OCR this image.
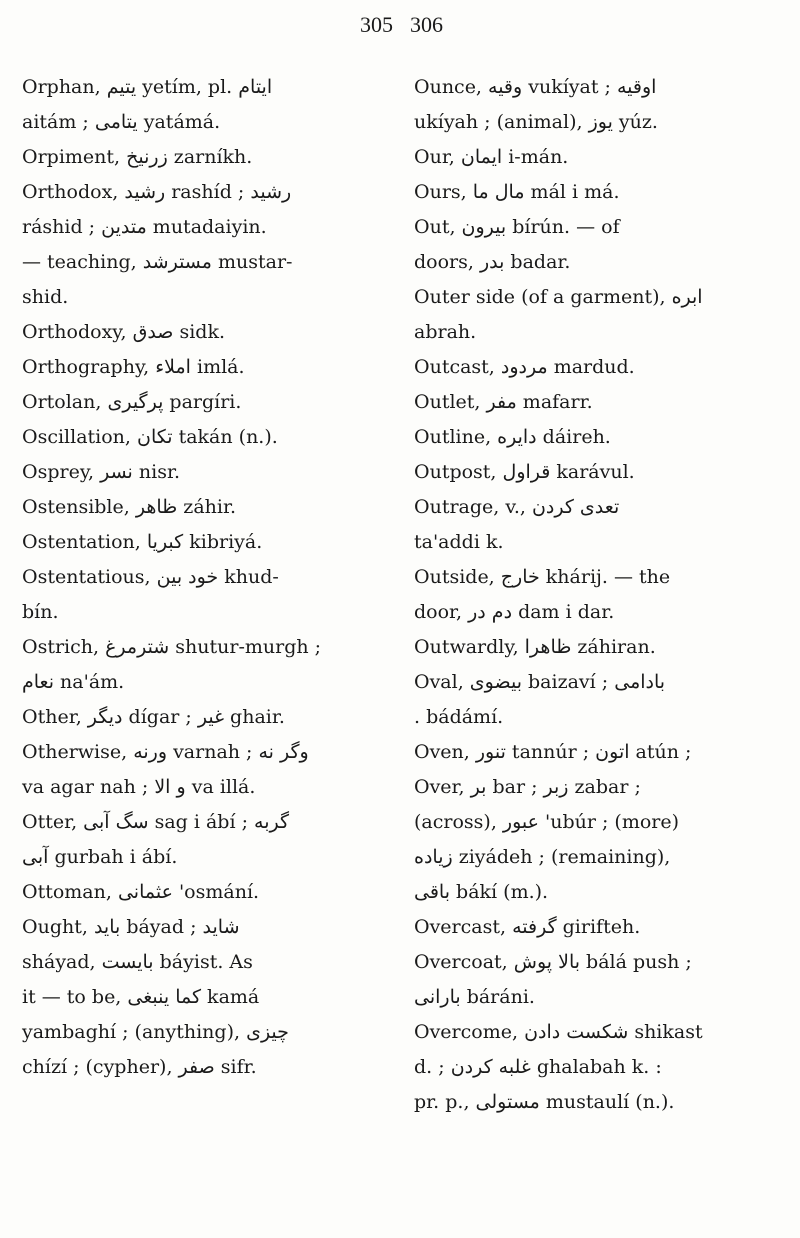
305 306

Orphan, یتیم yetím, pl. ایتام
aitám ; یتامی yatámá.

Orpiment, زرنیخ zarníkh.

Orthodox, رشید rashíd ; رشید
ráshid ; متدین mutadaiyin.
— teaching, مسترشد mustar-
shid.

Orthodoxy, صدق sidk.

Orthography, املاء imlá.

Ortolan, پرگیری pargíri.

Oscillation, تکان takán (n.).

Osprey, نسر nisr.

Ostensible, ظاهر záhir.

Ostentation, کبریا kibriyá.

Ostentatious, خود بین khud-
bín.

Ostrich, شترمرغ shutur-murgh ;
نعام na'ám.

Other, دیگر dígar ; غیر ghair.

Otherwise, ورنه varnah ; وگر نه
va agar nah ; و الا va illá.

Otter, سگ آبی sag i ábí ; گربه
آبی gurbah i ábí.

Ottoman, عثمانی 'osmání.

Ought, باید báyad ; شاید
sháyad, بایست báyist. As
it — to be, کما ینبغی kamá
yambaghí ; (anything), چیزی
chízí ; (cypher), صفر sifr.

Ounce, وقیه vukíyat ; اوقیه
ukíyah ; (animal), یوز yúz.

Our, ایمان i-mán.

Ours, مال ما mál i má.

Out, بیرون bírún. — of
doors, بدر badar.

Outer side (of a garment), ابره
abrah.

Outcast, مردود mardud.

Outlet, مفر mafarr.

Outline, دایره dáireh.

Outpost, قراول karávul.

Outrage, v., تعدی کردن
ta'addi k.

Outside, خارج khárij. — the
door, دم در dam i dar.

Outwardly, ظاهرا záhiran.

Oval, بیضوی baizaví ; بادامی
. bádámí.

Oven, تنور tannúr ; اتون atún ;

Over, بر bar ; زبر zabar ;
(across), عبور 'ubúr ; (more)
زیاده ziyádeh ; (remaining),
باقی bákí (m.).

Overcast, گرفته girifteh.

Overcoat, بالا پوش bálá push ;
بارانی báráni.

Overcome, شکست دادن shikast
d. ; غلبه کردن ghalabah k. :
pr. p., مستولی mustaulí (n.).
